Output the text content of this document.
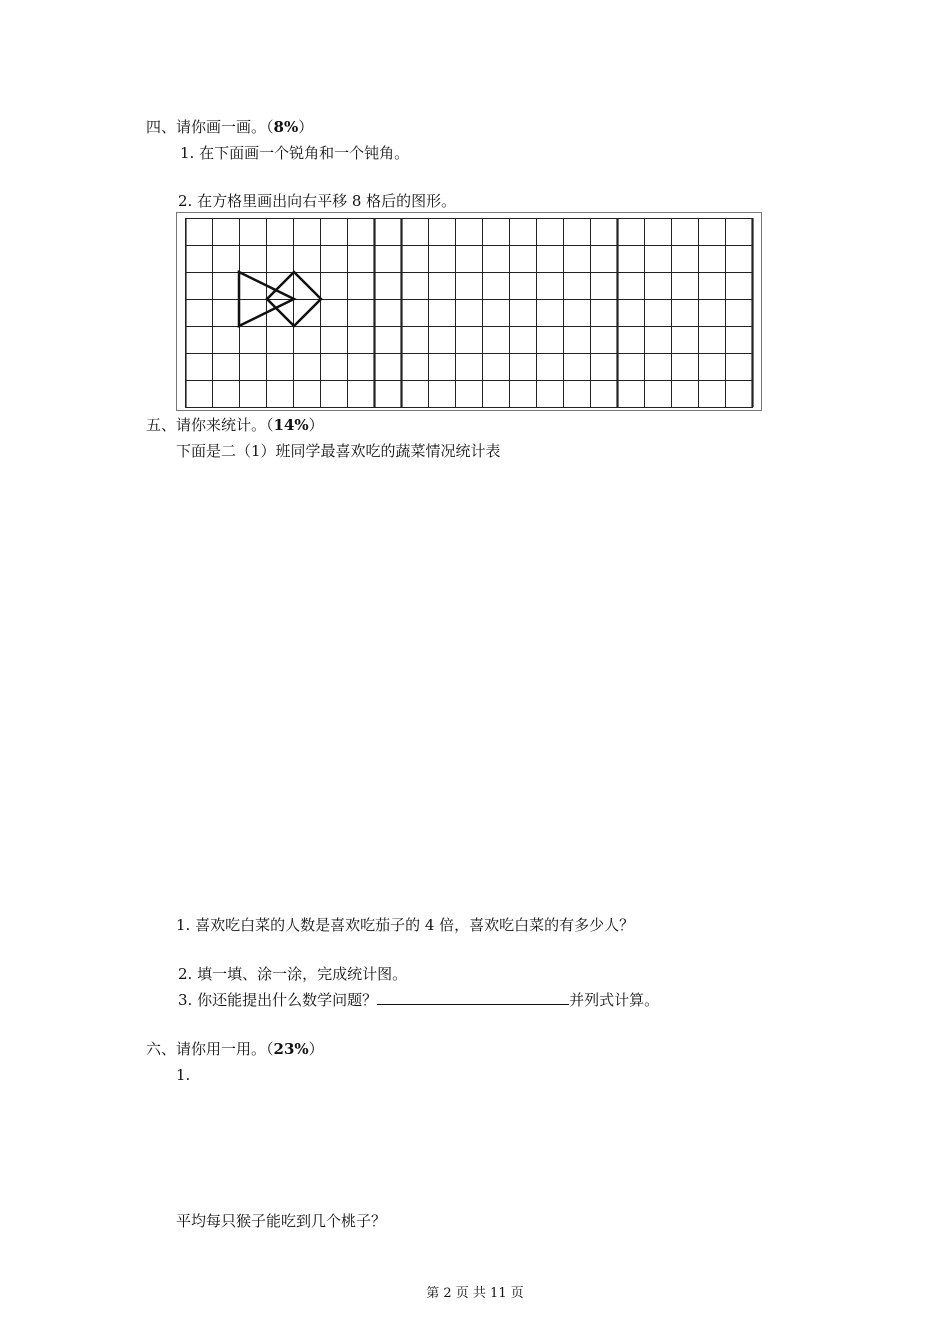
四、请你画一画。（8%）
1. 在下面画一个锐角和一个钝角。
2. 在方格里画出向右平移 8 格后的图形。
五、请你来统计。（14%）
下面是二（1）班同学最喜欢吃的蔬菜情况统计表
1. 喜欢吃白菜的人数是喜欢吃茄子的 4 倍，喜欢吃白菜的有多少人？
2. 填一填、涂一涂，完成统计图。
3. 你还能提出什么数学问题？	并列式计算。
六、请你用一用。（23%）
1.
平均每只猴子能吃到几个桃子？
第 2 页 共 11 页
